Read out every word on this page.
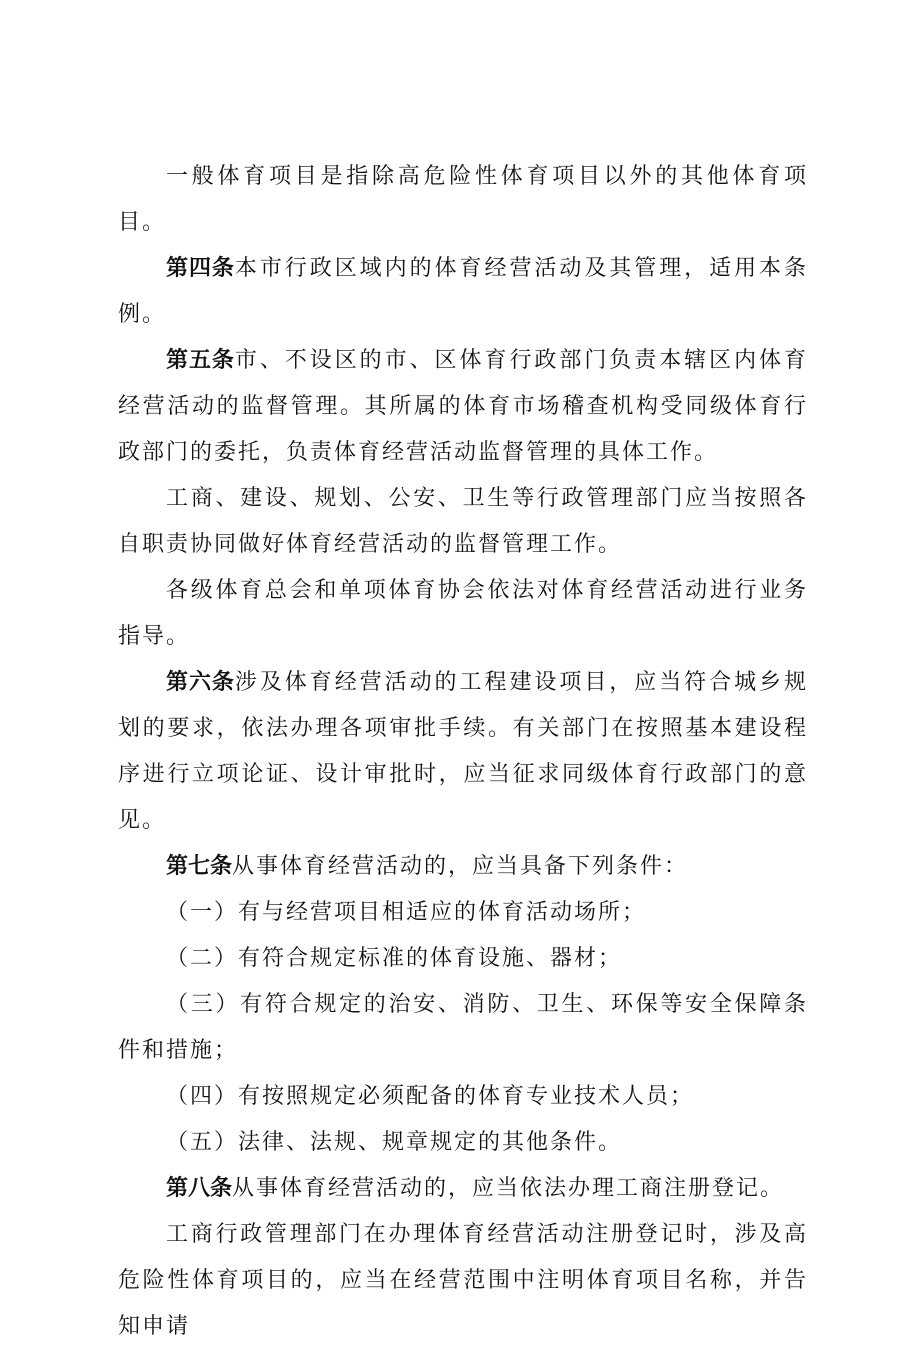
一般体育项目是指除高危险性体育项目以外的其他体育项目。

第四条本市行政区域内的体育经营活动及其管理，适用本条例。

第五条市、不设区的市、区体育行政部门负责本辖区内体育经营活动的监督管理。其所属的体育市场稽查机构受同级体育行政部门的委托，负责体育经营活动监督管理的具体工作。

工商、建设、规划、公安、卫生等行政管理部门应当按照各自职责协同做好体育经营活动的监督管理工作。

各级体育总会和单项体育协会依法对体育经营活动进行业务指导。

第六条涉及体育经营活动的工程建设项目，应当符合城乡规划的要求，依法办理各项审批手续。有关部门在按照基本建设程序进行立项论证、设计审批时，应当征求同级体育行政部门的意见。

第七条从事体育经营活动的，应当具备下列条件：

（一）有与经营项目相适应的体育活动场所；

（二）有符合规定标准的体育设施、器材；

（三）有符合规定的治安、消防、卫生、环保等安全保障条件和措施；

（四）有按照规定必须配备的体育专业技术人员；

（五）法律、法规、规章规定的其他条件。

第八条从事体育经营活动的，应当依法办理工商注册登记。

工商行政管理部门在办理体育经营活动注册登记时，涉及高危险性体育项目的，应当在经营范围中注明体育项目名称，并告知申请
